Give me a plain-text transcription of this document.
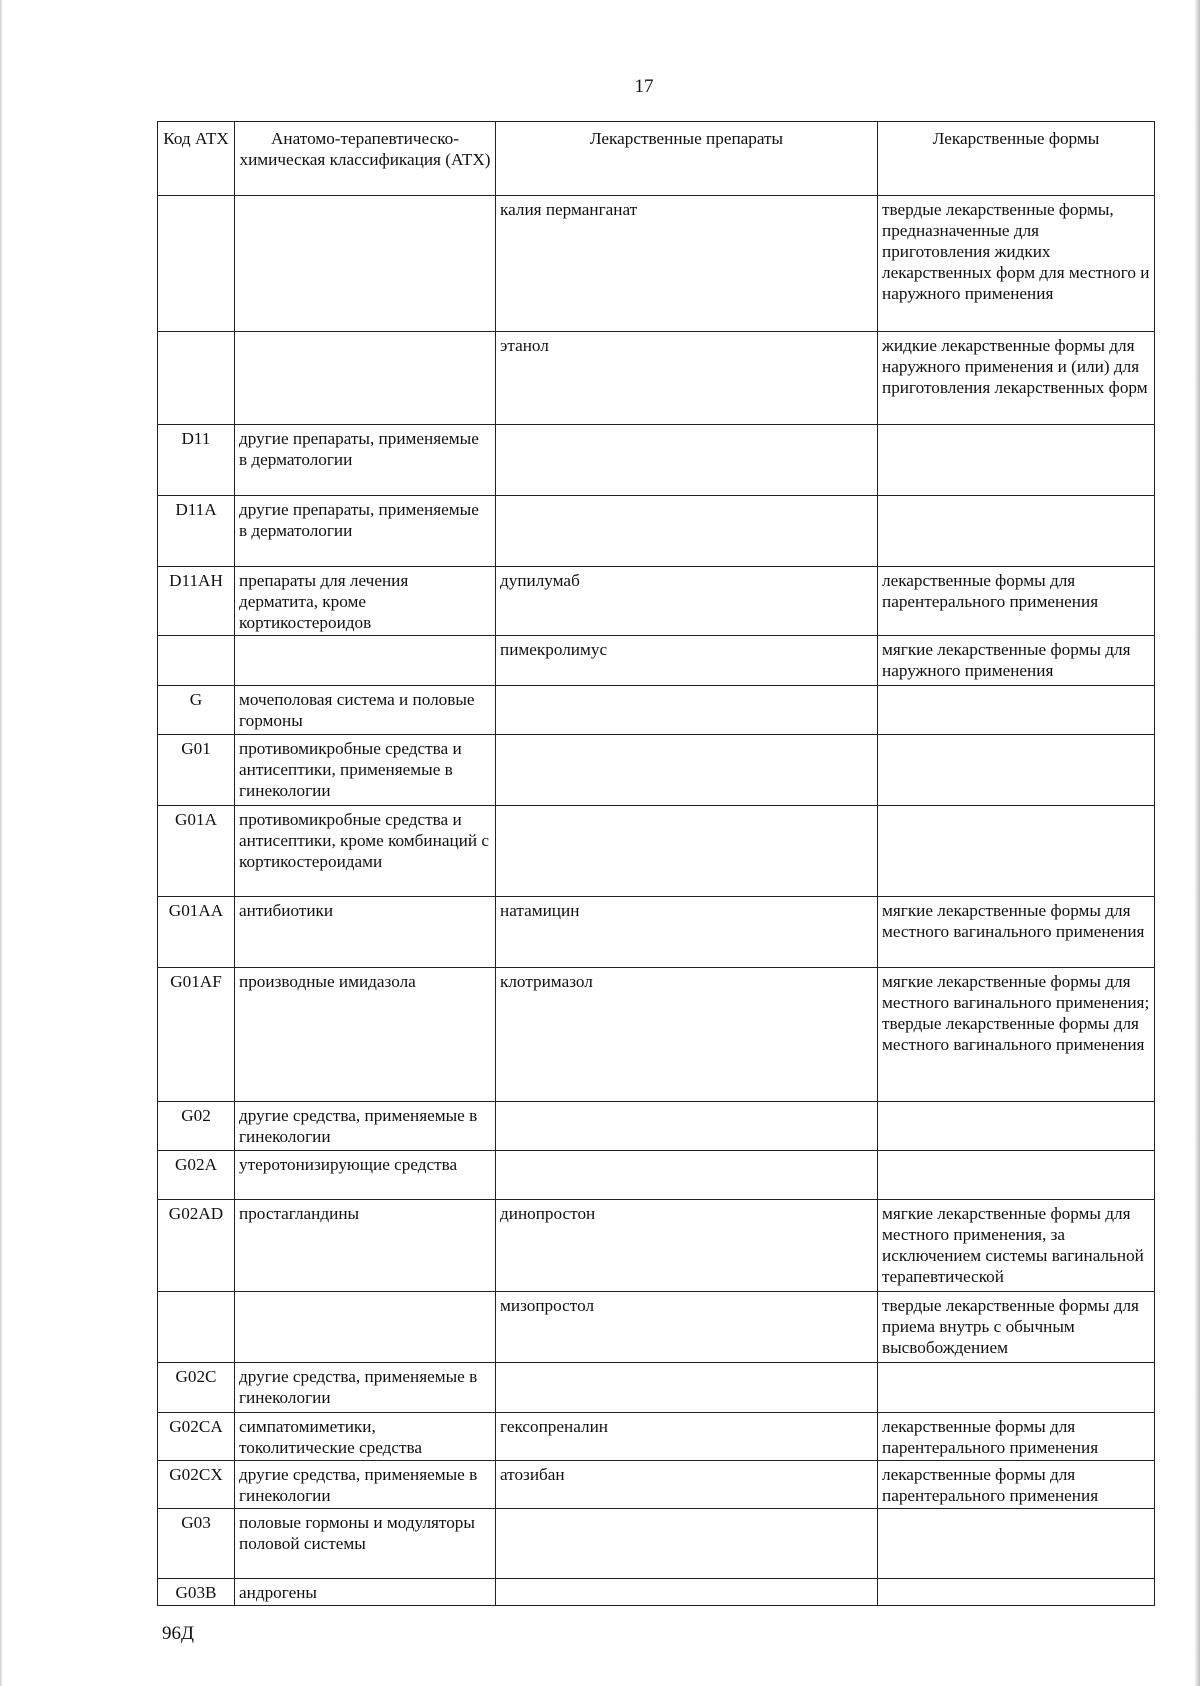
17
Код АТХ	Анатомо-терапевтическо-химическая классификация (АТХ)	Лекарственные препараты	Лекарственные формы
		калия перманганат	твердые лекарственные формы, предназначенные для приготовления жидких лекарственных форм для местного и наружного применения
		этанол	жидкие лекарственные формы для наружного применения и (или) для приготовления лекарственных форм
D11	другие препараты, применяемые в дерматологии		
D11A	другие препараты, применяемые в дерматологии		
D11AH	препараты для лечения дерматита, кроме кортикостероидов	дупилумаб	лекарственные формы для парентерального применения
		пимекролимус	мягкие лекарственные формы для наружного применения
G	мочеполовая система и половые гормоны		
G01	противомикробные средства и антисептики, применяемые в гинекологии		
G01A	противомикробные средства и антисептики, кроме комбинаций с кортикостероидами		
G01AA	антибиотики	натамицин	мягкие лекарственные формы для местного вагинального применения
G01AF	производные имидазола	клотримазол	мягкие лекарственные формы для местного вагинального применения; твердые лекарственные формы для местного вагинального применения
G02	другие средства, применяемые в гинекологии		
G02A	утеротонизирующие средства		
G02AD	простагландины	динопростон	мягкие лекарственные формы для местного применения, за исключением системы вагинальной терапевтической
		мизопростол	твердые лекарственные формы для приема внутрь с обычным высвобождением
G02C	другие средства, применяемые в гинекологии		
G02CA	симпатомиметики, токолитические средства	гексопреналин	лекарственные формы для парентерального применения
G02CX	другие средства, применяемые в гинекологии	атозибан	лекарственные формы для парентерального применения
G03	половые гормоны и модуляторы половой системы		
G03B	андрогены		
96Д
